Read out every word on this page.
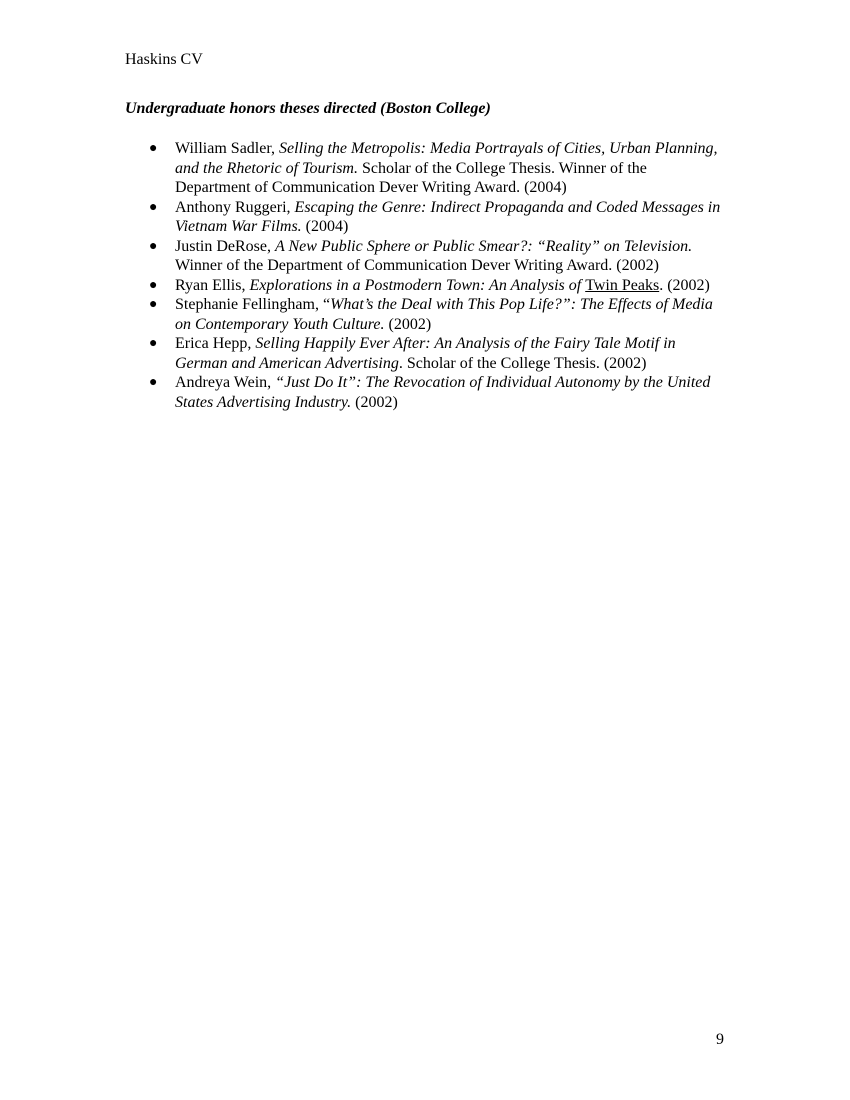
Haskins CV
Undergraduate honors theses directed (Boston College)
● William Sadler, Selling the Metropolis: Media Portrayals of Cities, Urban Planning, and the Rhetoric of Tourism. Scholar of the College Thesis. Winner of the Department of Communication Dever Writing Award. (2004)
● Anthony Ruggeri, Escaping the Genre: Indirect Propaganda and Coded Messages in Vietnam War Films. (2004)
● Justin DeRose, A New Public Sphere or Public Smear?: “Reality” on Television. Winner of the Department of Communication Dever Writing Award. (2002)
● Ryan Ellis, Explorations in a Postmodern Town: An Analysis of Twin Peaks. (2002)
● Stephanie Fellingham, “What’s the Deal with This Pop Life?”: The Effects of Media on Contemporary Youth Culture. (2002)
● Erica Hepp, Selling Happily Ever After: An Analysis of the Fairy Tale Motif in German and American Advertising. Scholar of the College Thesis. (2002)
● Andreya Wein, “Just Do It”: The Revocation of Individual Autonomy by the United States Advertising Industry. (2002)
9
